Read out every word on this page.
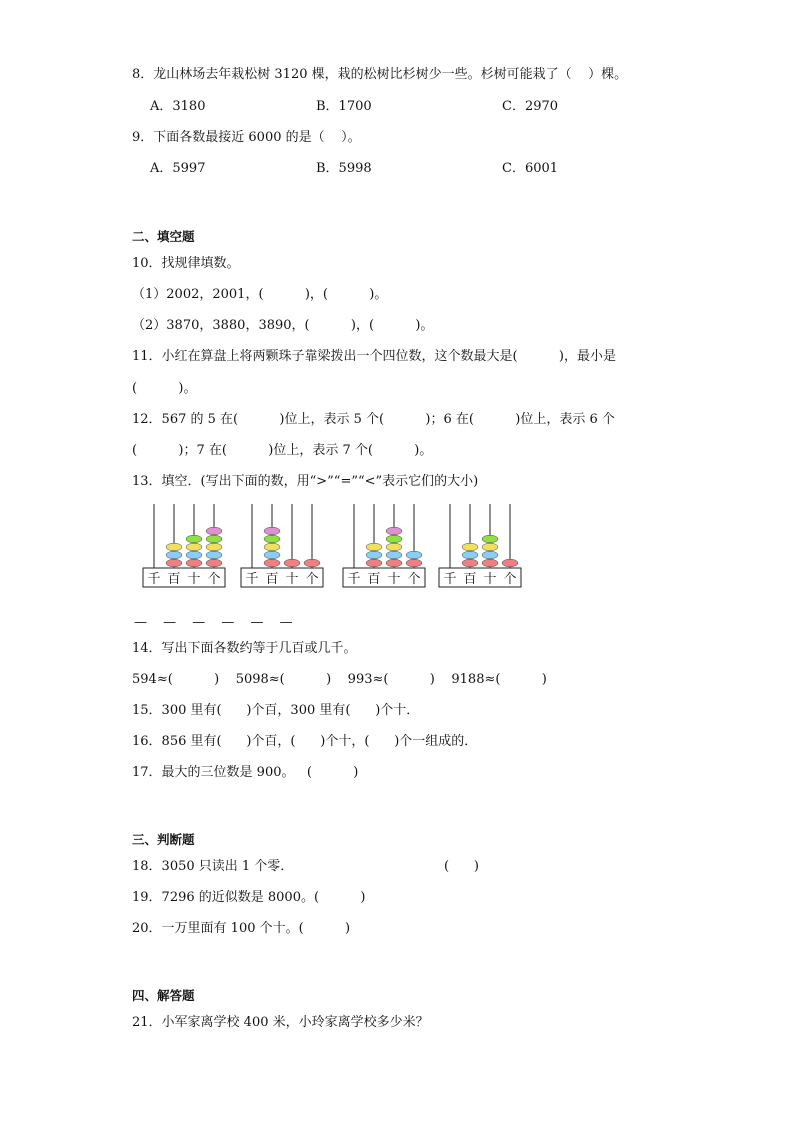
8．龙山林场去年栽松树 3120 棵，栽的松树比杉树少一些。杉树可能栽了（    ）棵。
A．3180	B．1700	C．2970
9．下面各数最接近 6000 的是（    ）。
A．5997	B．5998	C．6001
二、填空题
10．找规律填数。
（1）2002，2001，(          )，(          )。
（2）3870，3880，3890，(          )，(          )。
11．小红在算盘上将两颗珠子靠梁拨出一个四位数，这个数最大是(          )，最小是
(          )。
12．567 的 5 在(          )位上，表示 5 个(          )；6 在(          )位上，表示 6 个
(          )；7 在(          )位上，表示 7 个(          )。
13．填空．(写出下面的数，用“>”“=”“<”表示它们的大小)
千 百 十 个 千 百 十 个 千 百 十 个 千 百 十 个
— — — — — —
14．写出下面各数约等于几百或几千。
594≈(          )    5098≈(          )    993≈(          )    9188≈(          )
15．300 里有(      )个百，300 里有(      )个十．
16．856 里有(      )个百，(      )个十，(      )个一组成的．
17．最大的三位数是 900。   (          )
三、判断题
18．3050 只读出 1 个零．	(      )
19．7296 的近似数是 8000。(          )
20．一万里面有 100 个十。(          )
四、解答题
21．小军家离学校 400 米，小玲家离学校多少米？
